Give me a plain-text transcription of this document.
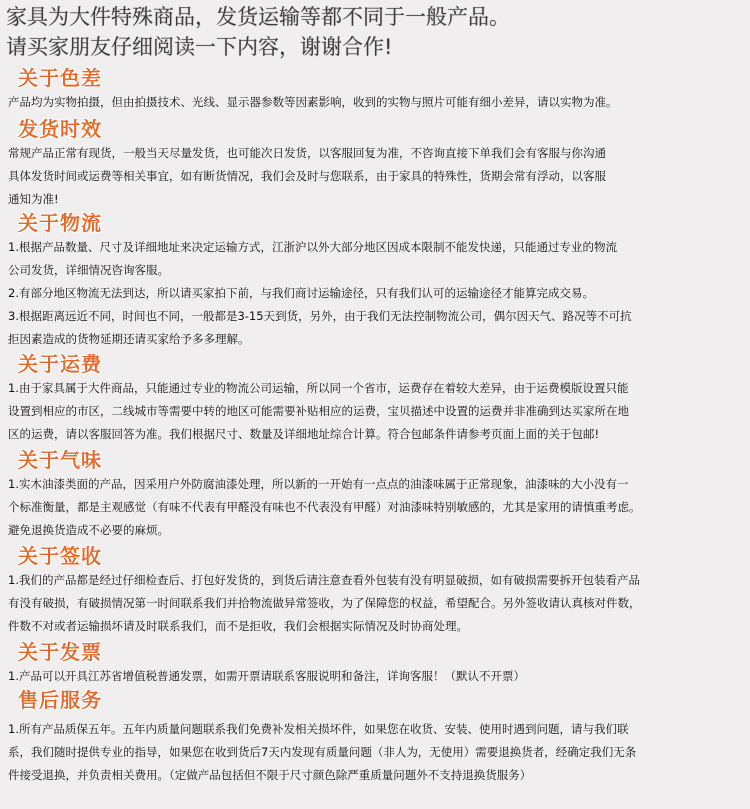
家具为大件特殊商品，发货运输等都不同于一般产品。
请买家朋友仔细阅读一下内容，谢谢合作!
关于色差
产品均为实物拍摄，但由拍摄技术、光线、显示器参数等因素影响，收到的实物与照片可能有细小差异，请以实物为准。
发货时效
常规产品正常有现货，一般当天尽量发货，也可能次日发货，以客服回复为准，不咨询直接下单我们会有客服与你沟通
具体发货时间或运费等相关事宜，如有断货情况，我们会及时与您联系，由于家具的特殊性，货期会常有浮动，以客服
通知为准!
关于物流
1.根据产品数量、尺寸及详细地址来决定运输方式，江浙沪以外大部分地区因成本限制不能发快递，只能通过专业的物流
公司发货，详细情况咨询客服。
2.有部分地区物流无法到达，所以请买家拍下前，与我们商讨运输途径，只有我们认可的运输途径才能算完成交易。
3.根据距离远近不同，时间也不同，一般都是3-15天到货，另外，由于我们无法控制物流公司，偶尔因天气、路况等不可抗
拒因素造成的货物延期还请买家给予多多理解。
关于运费
1.由于家具属于大件商品，只能通过专业的物流公司运输，所以同一个省市，运费存在着较大差异，由于运费模版设置只能
设置到相应的市区，二线城市等需要中转的地区可能需要补贴相应的运费，宝贝描述中设置的运费并非准确到达买家所在地
区的运费，请以客服回答为准。我们根据尺寸、数量及详细地址综合计算。符合包邮条件请参考页面上面的关于包邮!
关于气味
1.实木油漆类面的产品，因采用户外防腐油漆处理，所以新的一开始有一点点的油漆味属于正常现象，油漆味的大小没有一
个标准衡量，都是主观感觉（有味不代表有甲醛没有味也不代表没有甲醛）对油漆味特别敏感的，尤其是家用的请慎重考虑。
避免退换货造成不必要的麻烦。
关于签收
1.我们的产品都是经过仔细检查后、打包好发货的，到货后请注意查看外包装有没有明显破损，如有破损需要拆开包装看产品
有没有破损，有破损情况第一时间联系我们并拾物流做异常签收，为了保障您的权益，希望配合。另外签收请认真核对件数，
件数不对或者运输损坏请及时联系我们，而不是拒收，我们会根据实际情况及时协商处理。
关于发票
1.产品可以开具江苏省增值税普通发票，如需开票请联系客服说明和备注，详询客服！（默认不开票）
售后服务
1.所有产品质保五年。五年内质量问题联系我们免费补发相关损坏件，如果您在收货、安装、使用时遇到问题，请与我们联
系，我们随时提供专业的指导，如果您在收到货后7天内发现有质量问题（非人为，无使用）需要退换货者，经确定我们无条
件接受退换，并负责相关费用。（定做产品包括但不限于尺寸颜色除严重质量问题外不支持退换货服务）
